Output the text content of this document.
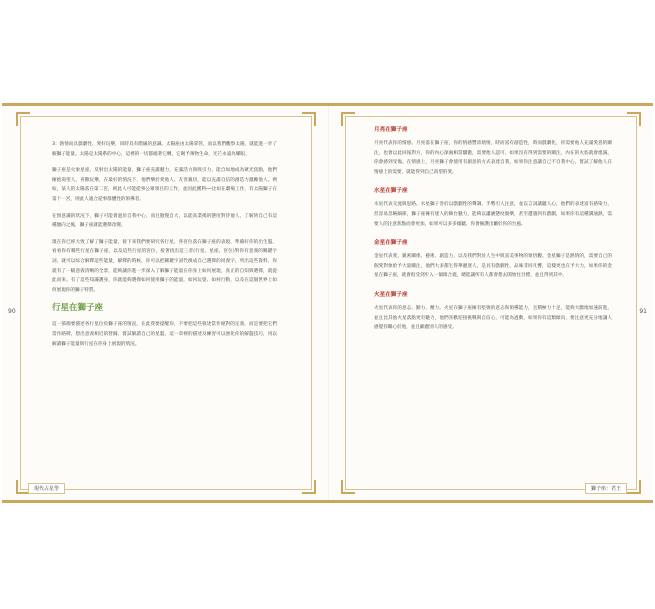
90	91

3：熱情而具戲劇性、愛好玩樂，同時具有階級的意識。太陽座由太陽掌管，而以我們觀察太陽，就能進一步了解獅子能量。太陽是太陽系的中心，這裡的一切都繞著它轉，它賜予萬物生命，光芒永遠為耀眼。

獅子座是火象星座，反射出太陽的能量，獅子座充滿魅力，充滿活力與吸引力，能自如地成為眾光焦點，他們擁抱渴望人、喜歡玩樂，在最好的情況下，他們樂於愛他人、友善親切，能以充滿自信的創造力激勵他人。例如，某人的太陽落在第二宮，則此人可能從事公眾領目的工作，並因此獲利──比如在劇場工作，有太陽獅子在第十一宮，則此人適合從事群體性的領導者。

在無意識的狀況下，獅子可能會過於自我中心，而且傲慢自大，以能高業揭的態度對待他人，了解到自己有這種傾向之後，獅子座就能選擇改變。

現在你已經大致了解了獅子能量，接下來我們要研究各行星，各宮位落在獅子座的表現，準備好你的出生盤，看看你有哪些行星在獅子座，以及這些行星的宮位，接著找出這三者(行星、星座、宮位)對你有意義的關鍵字詞，就可以綜合解釋這些能量，解釋的時候，你可以把關鍵字詞代換成自己選擇的同義字，列出這些資料，你就有了一幅意義清晰的全景，能夠讓你進一步深入了解獅子能量在你身上如何展現，真正的自知與選擇，就從此而來。有了這些知識護身，你就能夠選擇如何使用獅子的能量，如何玩耍、如何行動，以及在這個世界上如何展現你的獅子特質。

行星在獅子座

這一節簡要描述各行星位於獅子座的情況，在此我要提醒你，不要把這些敘述當作絕對的定義，而是要把它們當作路牌，想出意義相近的替歸，嘗試解讀自己的星盤，這一章裡的描述及練習可以強化你的解盤技巧，用以解讀獅子能量與行星在你身上展現的情況。

月亮在獅子座

月亮代表你的情感。月亮落在獅子座，你的情感豐沛熱情，時而富有創造性，時而戲劇化，你需要他人充滿愛意的關注，也會以此回報對方，你的內心深處相當驕傲，需要他人認可，如果沒有得到需要的關注，內在的火焰就會熄滅，你會感到受傷。在情感上，月亮獅子會使用有創意的方式表達自我，如果你注意讓自己不自我中心，嘗試了解他人在情感上的需要，就能得到自己渴望的愛。

水星在獅子座

水星代表交流與思路。水星獅子善於以戲劇性的聲調、手勢引人注意，並以言詞讓聽人心，他們的表達富有感染力，但容易忽略細節，獅子座擁有迷人的舞台魅力，能夠以瀟灑態度娛樂，甚至遭遇到有戲劇，如果你有這種溝通熱，需要人的注意焦點而會更加，如果可以多多傾聽，你會擁護出屬於你的台風。

金星在獅子座

金星代表愛、親密關係、藝術、創造力，以及我們對於人生中與富美事物的領悟觀。金星獅子是熱情的，需要自己的個愛對象給予大量關注，他們大多都生得華麗迷人，是具有戲劇性、品味非同凡響，這樣更也在予大力，如果你的金星在獅子座，就會很受到步入一個璀合適，總能讓所有人都會想去開始往目標，並且得到其中。

火星在獅子座

火星代表你的意志、勤力、精力。火星在獅子座擁有堅強的意志和領導能力，且積極力十足，能夠大膽地加速前進，並且比其他火星落點更有魅力，他們喜歡迎接挑戰與自信心，可能為過動，如果你有這類傾向，要注意更充分地讓人感覺你關心於他，並且顧慮別人的感受。

現代占星學	獅子座：君王
